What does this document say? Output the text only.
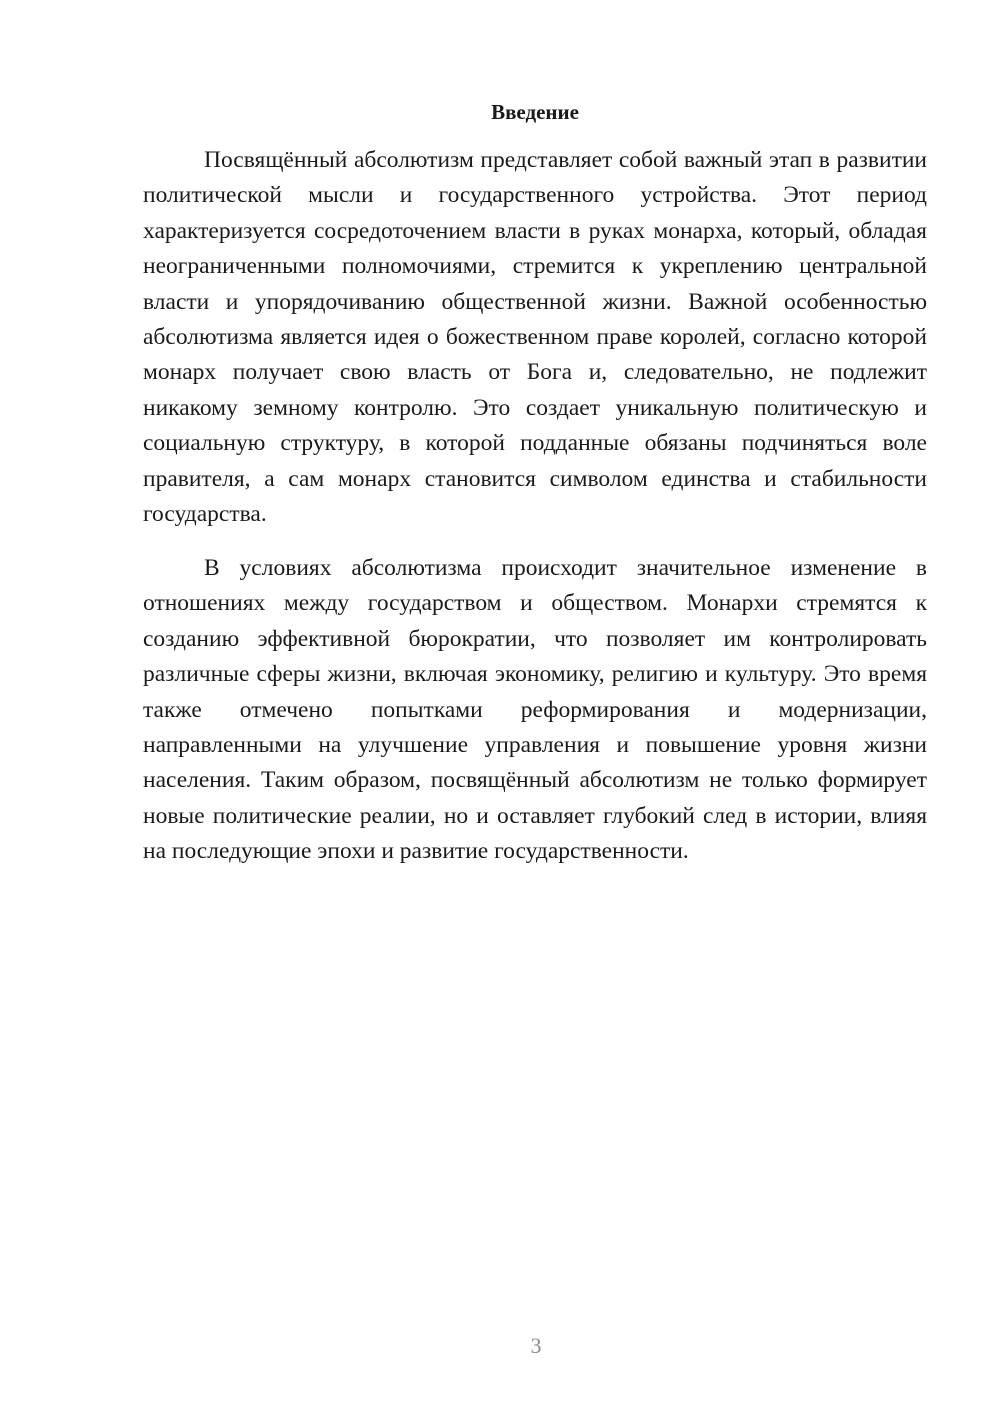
Введение

Посвящённый абсолютизм представляет собой важный этап в развитии политической мысли и государственного устройства. Этот период характеризуется сосредоточением власти в руках монарха, который, обладая неограниченными полномочиями, стремится к укреплению центральной власти и упорядочиванию общественной жизни. Важной особенностью абсолютизма является идея о божественном праве королей, согласно которой монарх получает свою власть от Бога и, следовательно, не подлежит никакому земному контролю. Это создает уникальную политическую и социальную структуру, в которой подданные обязаны подчиняться воле правителя, а сам монарх становится символом единства и стабильности государства.

В условиях абсолютизма происходит значительное изменение в отношениях между государством и обществом. Монархи стремятся к созданию эффективной бюрократии, что позволяет им контролировать различные сферы жизни, включая экономику, религию и культуру. Это время также отмечено попытками реформирования и модернизации, направленными на улучшение управления и повышение уровня жизни населения. Таким образом, посвящённый абсолютизм не только формирует новые политические реалии, но и оставляет глубокий след в истории, влияя на последующие эпохи и развитие государственности.

3
